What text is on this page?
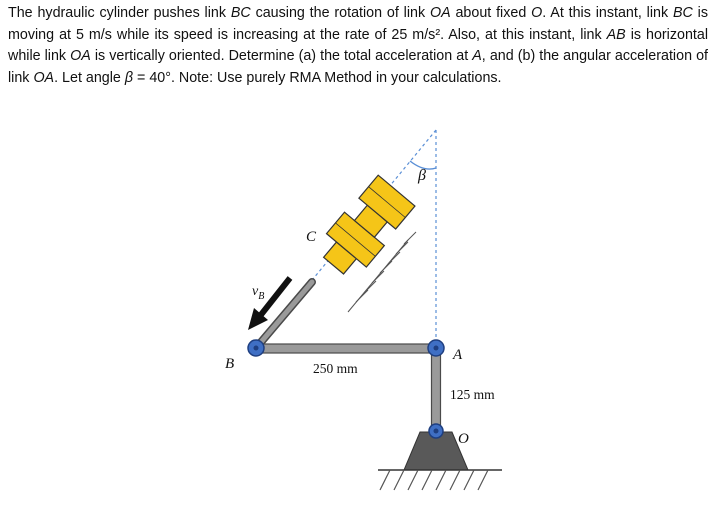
The hydraulic cylinder pushes link BC causing the rotation of link OA about fixed O. At this instant, link BC is moving at 5 m/s while its speed is increasing at the rate of 25 m/s². Also, at this instant, link AB is horizontal while link OA is vertically oriented. Determine (a) the total acceleration at A, and (b) the angular acceleration of link OA. Let angle β = 40°. Note: Use purely RMA Method in your calculations.

β
C
$v_B$
B
A
O
250 mm
125 mm
